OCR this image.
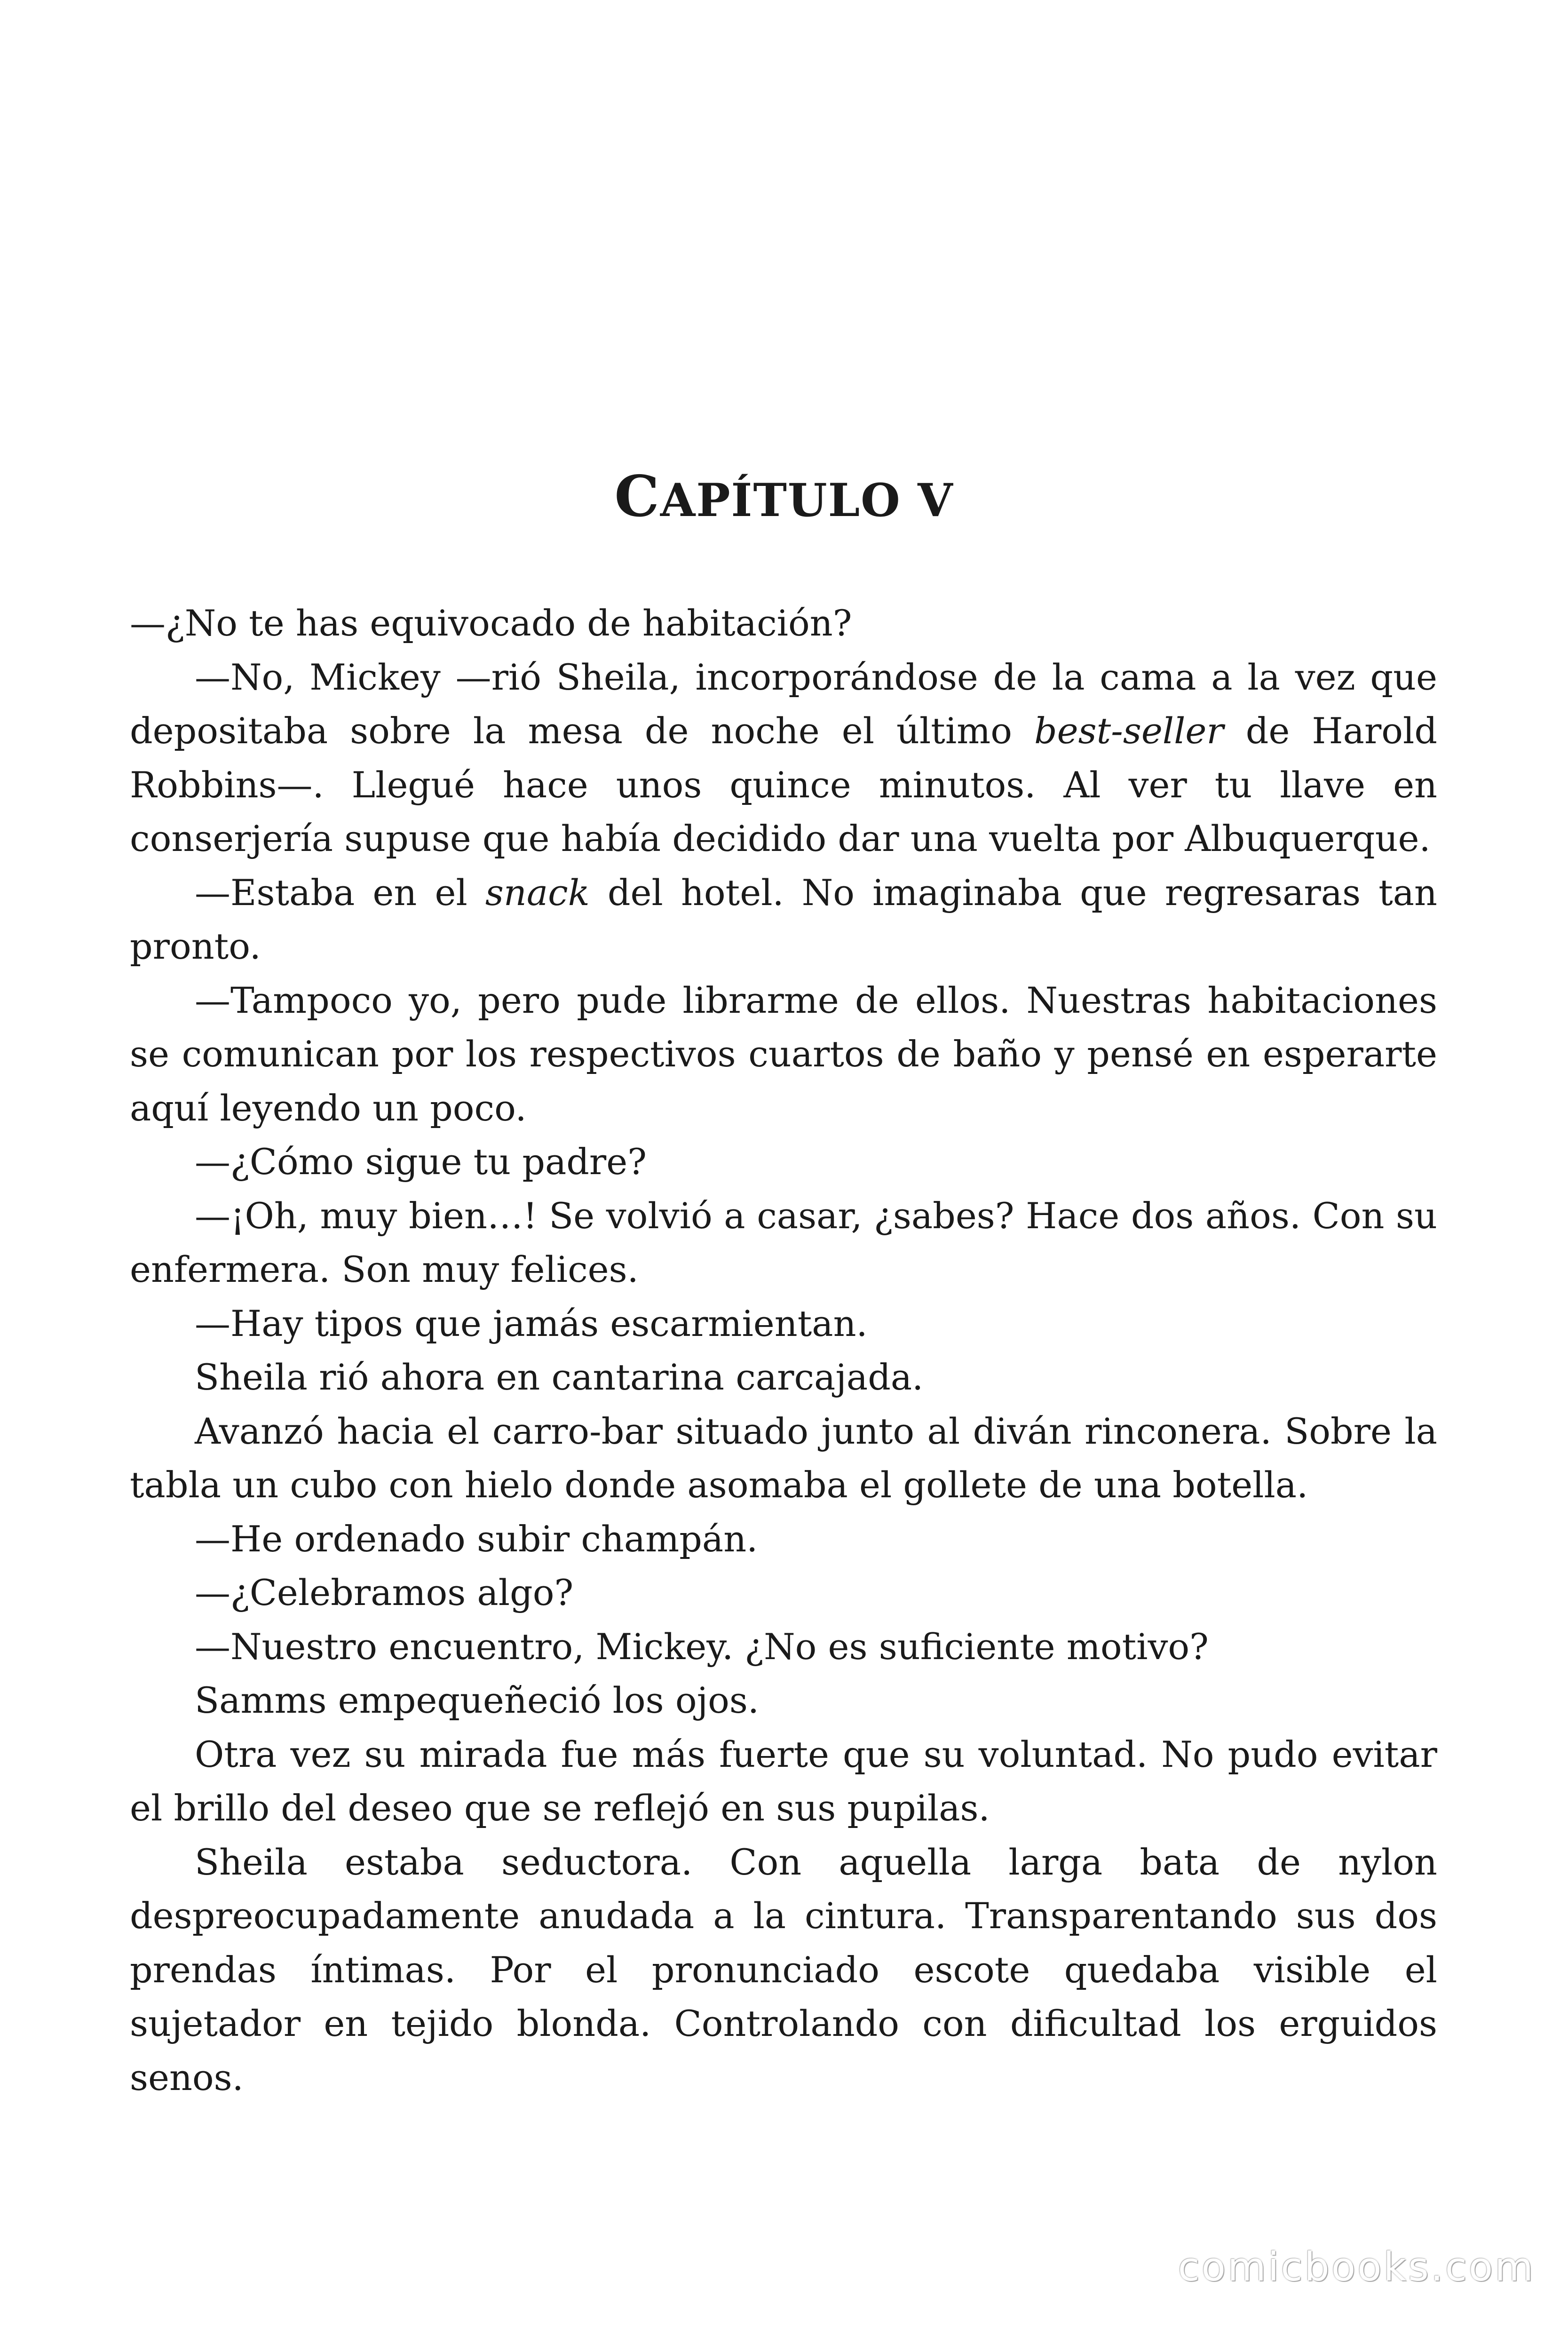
CAPÍTULO V

—¿No te has equivocado de habitación?

—No, Mickey —rió Sheila, incorporándose de la cama a la vez que depositaba sobre la mesa de noche el último best-seller de Harold Robbins—. Llegué hace unos quince minutos. Al ver tu llave en conserjería supuse que había decidido dar una vuelta por Albuquerque.

—Estaba en el snack del hotel. No imaginaba que regresaras tan pronto.

—Tampoco yo, pero pude librarme de ellos. Nuestras habitaciones se comunican por los respectivos cuartos de baño y pensé en esperarte aquí leyendo un poco.

—¿Cómo sigue tu padre?

—¡Oh, muy bien…! Se volvió a casar, ¿sabes? Hace dos años. Con su enfermera. Son muy felices.

—Hay tipos que jamás escarmientan.

Sheila rió ahora en cantarina carcajada.

Avanzó hacia el carro-bar situado junto al diván rinconera. Sobre la tabla un cubo con hielo donde asomaba el gollete de una botella.

—He ordenado subir champán.

—¿Celebramos algo?

—Nuestro encuentro, Mickey. ¿No es suficiente motivo?

Samms empequeñeció los ojos.

Otra vez su mirada fue más fuerte que su voluntad. No pudo evitar el brillo del deseo que se reflejó en sus pupilas.

Sheila estaba seductora. Con aquella larga bata de nylon despreocupadamente anudada a la cintura. Transparentando sus dos prendas íntimas. Por el pronunciado escote quedaba visible el sujetador en tejido blonda. Controlando con dificultad los erguidos senos.

comicbooks.com
